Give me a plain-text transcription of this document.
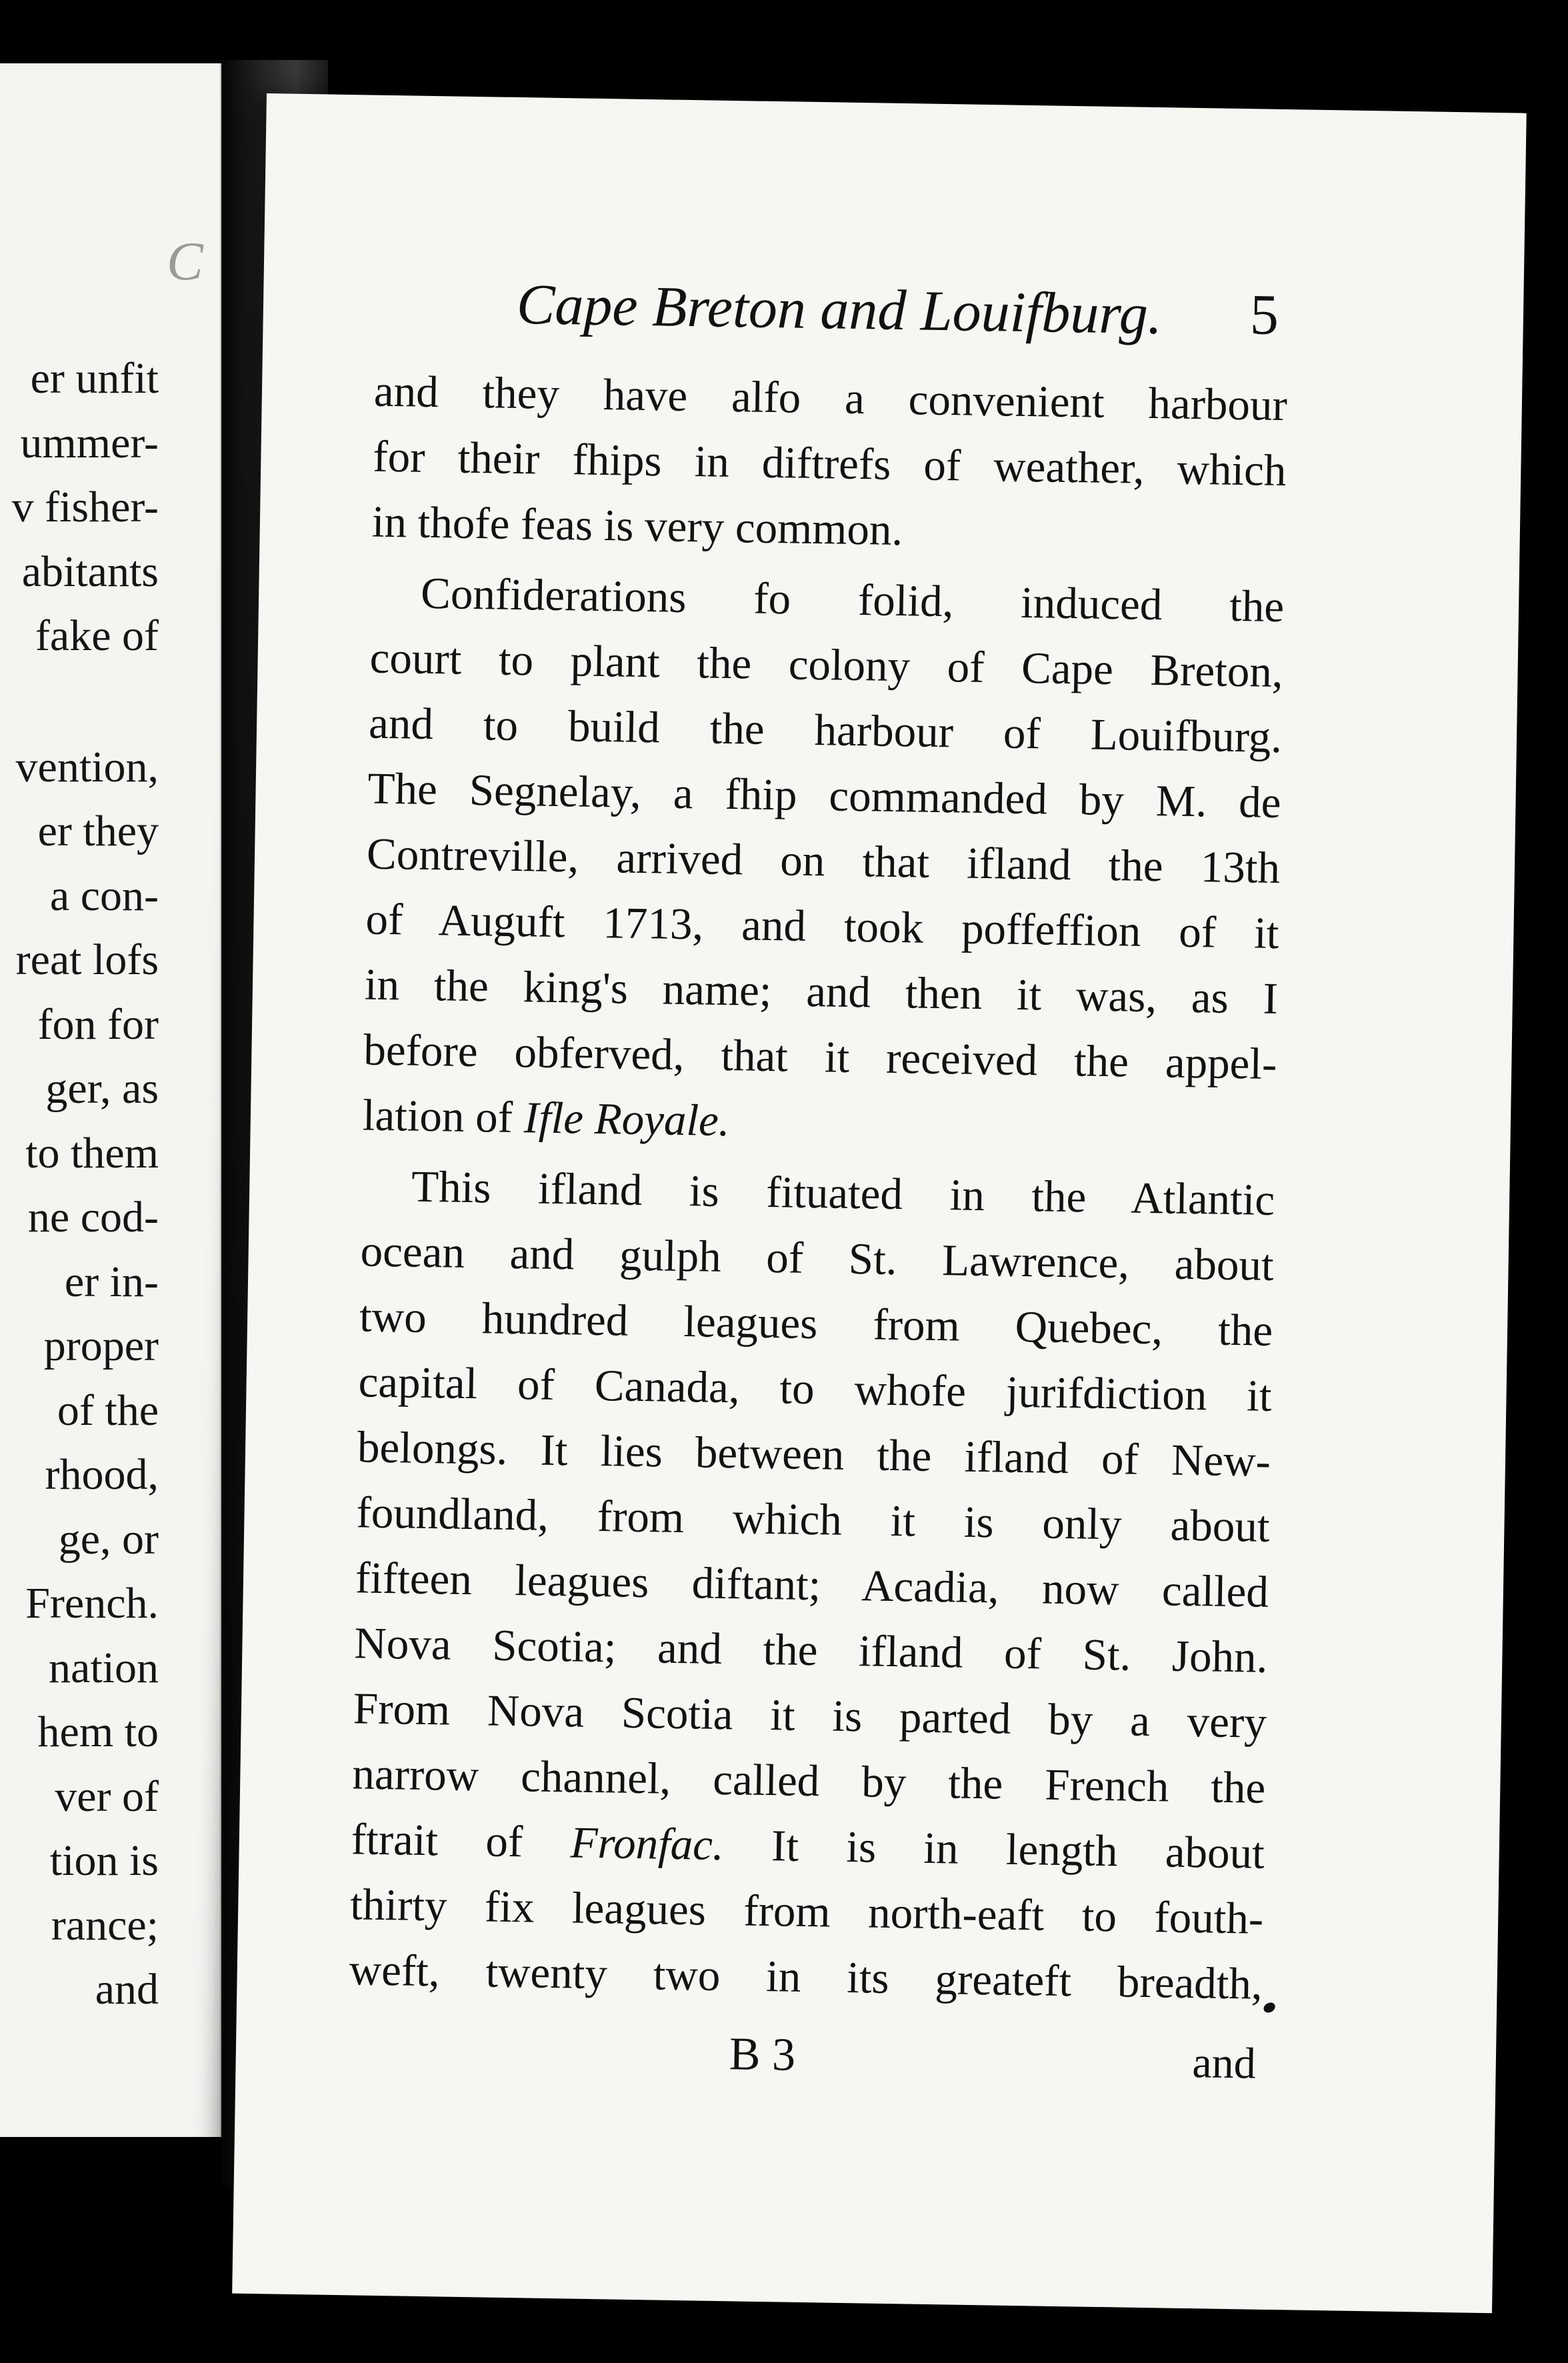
C
er unfit
ummer-
v fisher-
abitants
fake of
vention,
er they
a con-
reat lofs
fon for
ger, as
to them
ne cod-
er in-
proper
of the
rhood,
ge, or
French.
nation
hem to
ver of
tion is
rance;
and
Cape Breton and Louifburg. 5
and they have alfo a convenient harbour
for their fhips in diftrefs of weather, which
in thofe feas is very common.
Confiderations fo folid, induced the
court to plant the colony of Cape Breton,
and to build the harbour of Louifburg.
The Segnelay, a fhip commanded by M. de
Contreville, arrived on that ifland the 13th
of Auguft 1713, and took poffeffion of it
in the king's name; and then it was, as I
before obferved, that it received the appel-
lation of Ifle Royale.
This ifland is fituated in the Atlantic
ocean and gulph of St. Lawrence, about
two hundred leagues from Quebec, the
capital of Canada, to whofe jurifdiction it
belongs. It lies between the ifland of New-
foundland, from which it is only about
fifteen leagues diftant; Acadia, now called
Nova Scotia; and the ifland of St. John.
From Nova Scotia it is parted by a very
narrow channel, called by the French the
ftrait of Fronfac. It is in length about
thirty fix leagues from north-eaft to fouth-
weft, twenty two in its greateft breadth,
B 3	and
